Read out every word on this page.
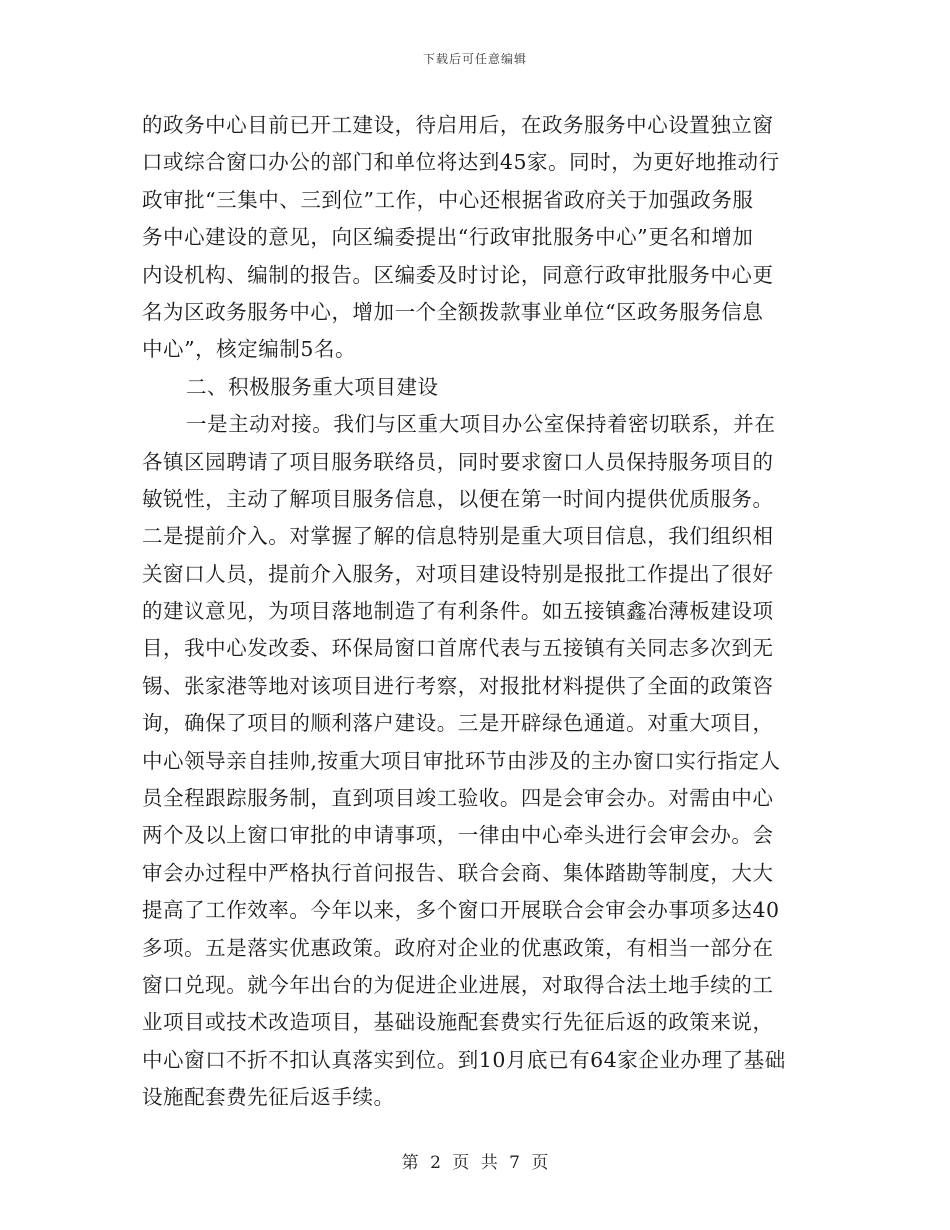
下载后可任意编辑
的政务中心目前已开工建设，待启用后，在政务服务中心设置独立窗
口或综合窗口办公的部门和单位将达到45家。同时，为更好地推动行
政审批“三集中、三到位”工作，中心还根据省政府关于加强政务服
务中心建设的意见，向区编委提出“行政审批服务中心”更名和增加
内设机构、编制的报告。区编委及时讨论，同意行政审批服务中心更
名为区政务服务中心，增加一个全额拨款事业单位“区政务服务信息
中心”，核定编制5名。
二、积极服务重大项目建设
一是主动对接。我们与区重大项目办公室保持着密切联系，并在
各镇区园聘请了项目服务联络员，同时要求窗口人员保持服务项目的
敏锐性，主动了解项目服务信息，以便在第一时间内提供优质服务。
二是提前介入。对掌握了解的信息特别是重大项目信息，我们组织相
关窗口人员，提前介入服务，对项目建设特别是报批工作提出了很好
的建议意见，为项目落地制造了有利条件。如五接镇鑫冶薄板建设项
目，我中心发改委、环保局窗口首席代表与五接镇有关同志多次到无
锡、张家港等地对该项目进行考察，对报批材料提供了全面的政策咨
询，确保了项目的顺利落户建设。三是开辟绿色通道。对重大项目，
中心领导亲自挂帅,按重大项目审批环节由涉及的主办窗口实行指定人
员全程跟踪服务制，直到项目竣工验收。四是会审会办。对需由中心
两个及以上窗口审批的申请事项，一律由中心牵头进行会审会办。会
审会办过程中严格执行首问报告、联合会商、集体踏勘等制度，大大
提高了工作效率。今年以来，多个窗口开展联合会审会办事项多达40
多项。五是落实优惠政策。政府对企业的优惠政策，有相当一部分在
窗口兑现。就今年出台的为促进企业进展，对取得合法土地手续的工
业项目或技术改造项目，基础设施配套费实行先征后返的政策来说，
中心窗口不折不扣认真落实到位。到10月底已有64家企业办理了基础
设施配套费先征后返手续。
第 2 页 共 7 页
